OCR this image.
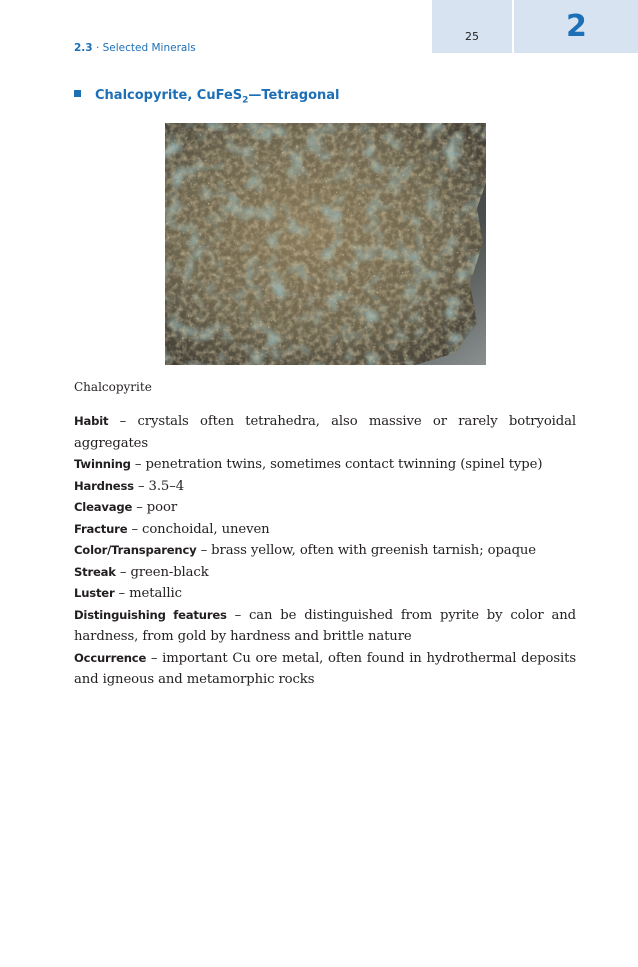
25	2
2.3 · Selected Minerals
Chalcopyrite, CuFeS$_2$—Tetragonal
Chalcopyrite
Habit – crystals often tetrahedra, also massive or rarely botryoidal aggregates
Twinning – penetration twins, sometimes contact twinning (spinel type)
Hardness – 3.5–4
Cleavage – poor
Fracture – conchoidal, uneven
Color/Transparency – brass yellow, often with greenish tarnish; opaque
Streak – green-black
Luster – metallic
Distinguishing features – can be distinguished from pyrite by color and hardness, from gold by hardness and brittle nature
Occurrence – important Cu ore metal, often found in hydrothermal deposits and igneous and metamorphic rocks
